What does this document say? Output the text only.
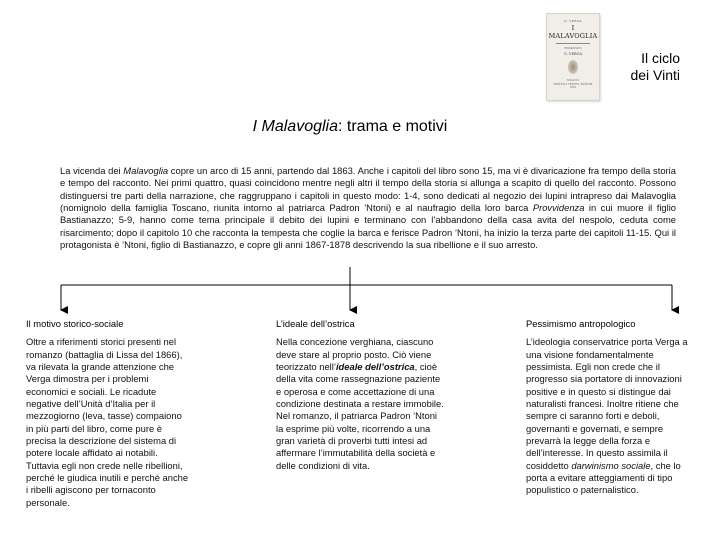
G. VERGA
I MALAVOGLIA
ROMANZO
G. VERGA
MILANO
FRATELLI TREVES, EDITORI
1881
Il ciclo
dei Vinti
I Malavoglia: trama e motivi
La vicenda dei Malavoglia copre un arco di 15 anni, partendo dal 1863. Anche i capitoli del libro sono 15, ma vi è divaricazione fra tempo della storia e tempo del racconto. Nei primi quattro, quasi coincidono mentre negli altri il tempo della storia si allunga a scapito di quello del racconto. Possono distinguersi tre parti della narrazione, che raggruppano i capitoli in questo modo: 1-4, sono dedicati al negozio dei lupini intrapreso dai Malavoglia (nomignolo della famiglia Toscano, riunita intorno al patriarca Padron ’Ntoni) e al naufragio della loro barca Provvidenza in cui muore il figlio Bastianazzo; 5-9, hanno come tema principale il debito dei lupini e terminano con l’abbandono della casa avita del nespolo, ceduta come risarcimento; dopo il capitolo 10 che racconta la tempesta che coglie la barca e ferisce Padron ’Ntoni, ha inizio la terza parte dei capitoli 11-15. Qui il protagonista è ’Ntoni, figlio di Bastianazzo, e copre gli anni 1867-1878 descrivendo la sua ribellione e il suo arresto.
Il motivo storico-sociale

Oltre a riferimenti storici presenti nel romanzo (battaglia di Lissa del 1866), va rilevata la grande attenzione che Verga dimostra per i problemi economici e sociali. Le ricadute negative dell’Unità d’Italia per il mezzogiorno (leva, tasse) compaiono in più parti del libro, come pure è precisa la descrizione del sistema di potere locale affidato ai notabili. Tuttavia egli non crede nelle ribellioni, perché le giudica inutili e perché anche i ribelli agiscono per tornaconto personale.

L’ideale dell’ostrica

Nella concezione verghiana, ciascuno deve stare al proprio posto. Ciò viene teorizzato nell’ideale dell’ostrica, cioè della vita come rassegnazione paziente e operosa e come accettazione di una condizione destinata a restare immobile. Nel romanzo, il patriarca Padron ’Ntoni la esprime più volte, ricorrendo a una gran varietà di proverbi tutti intesi ad affermare l’immutabilità della società e delle condizioni di vita.

Pessimismo antropologico

L’ideologia conservatrice porta Verga a una visione fondamentalmente pessimista. Egli non crede che il progresso sia portatore di innovazioni positive e in questo si distingue dai naturalisti francesi. Inoltre ritiene che sempre ci saranno forti e deboli, governanti e governati, e sempre prevarrà la legge della forza e dell’interesse. In questo assimila il cosiddetto darwinismo sociale, che lo porta a evitare atteggiamenti di tipo populistico o paternalistico.
